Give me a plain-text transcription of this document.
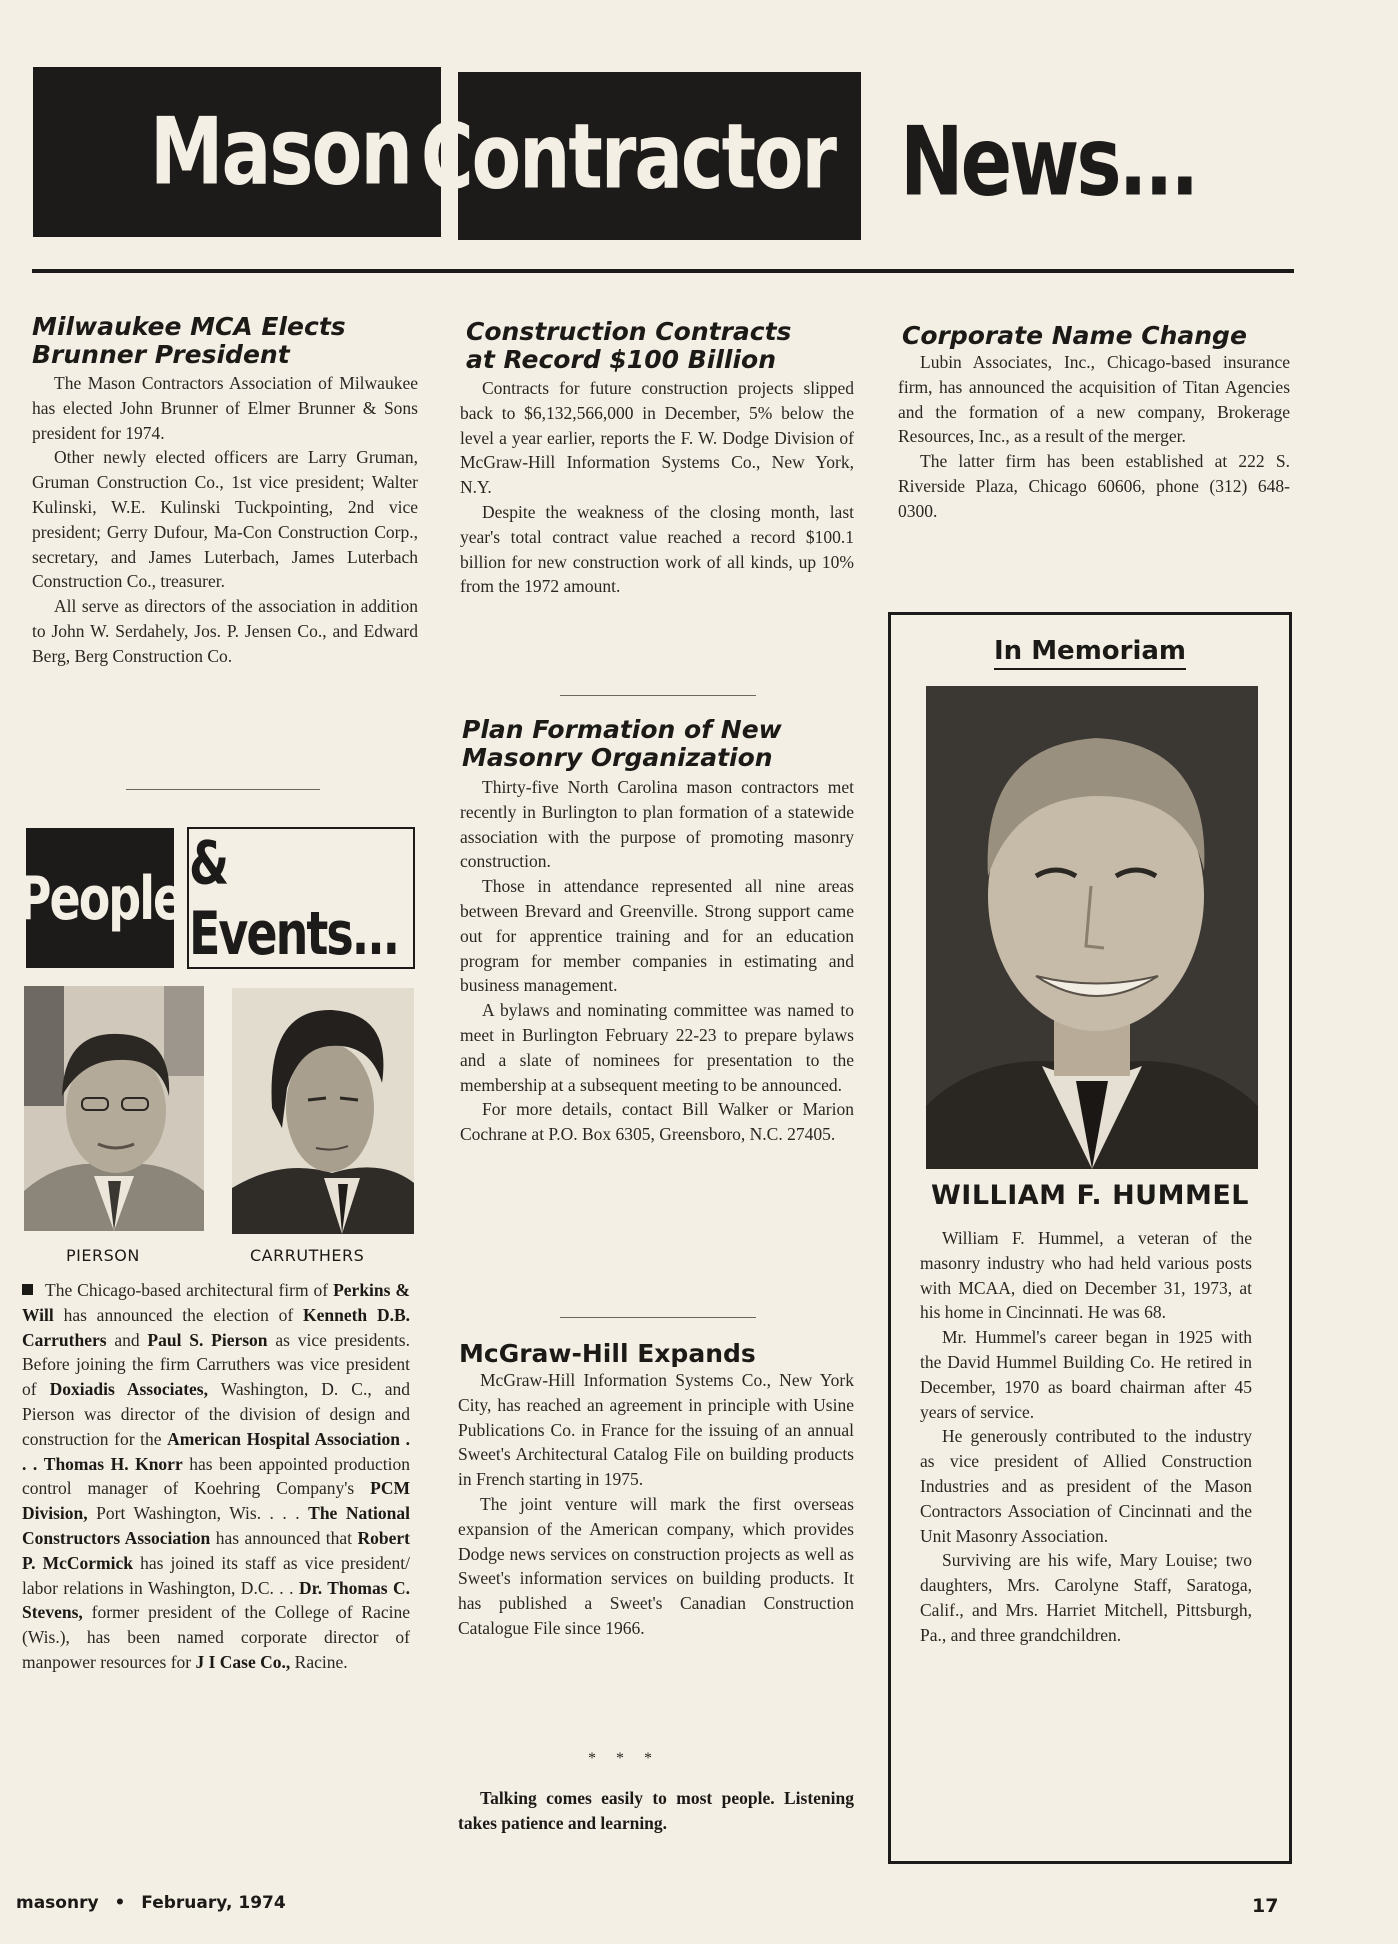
Mason Contractor News...
Milwaukee MCA Elects
Brunner President

The Mason Contractors Association of Milwaukee has elected John Brunner of Elmer Brunner & Sons president for 1974.

Other newly elected officers are Larry Gruman, Gruman Construction Co., 1st vice president; Walter Kulinski, W.E. Kulinski Tuckpointing, 2nd vice president; Gerry Dufour, Ma-Con Construction Corp., secretary, and James Luterbach, James Luterbach Construction Co., treasurer.

All serve as directors of the association in addition to John W. Serdahely, Jos. P. Jensen Co., and Edward Berg, Berg Construction Co.

People & Events...
PIERSON	CARRUTHERS

The Chicago-based architectural firm of Perkins & Will has announced the election of Kenneth D.B. Carruthers and Paul S. Pierson as vice presidents. Before joining the firm Carruthers was vice president of Doxiadis Associates, Washington, D. C., and Pierson was director of the division of design and construction for the American Hospital Association . . . Thomas H. Knorr has been appointed production control manager of Koehring Company's PCM Division, Port Washington, Wis. . . . The National Constructors Association has announced that Robert P. McCormick has joined its staff as vice president/ labor relations in Washington, D.C. . . Dr. Thomas C. Stevens, former president of the College of Racine (Wis.), has been named corporate director of manpower resources for J I Case Co., Racine.

Construction Contracts
at Record $100 Billion

Contracts for future construction projects slipped back to $6,132,566,000 in December, 5% below the level a year earlier, reports the F. W. Dodge Division of McGraw-Hill Information Systems Co., New York, N.Y.

Despite the weakness of the closing month, last year's total contract value reached a record $100.1 billion for new construction work of all kinds, up 10% from the 1972 amount.

Plan Formation of New
Masonry Organization

Thirty-five North Carolina mason contractors met recently in Burlington to plan formation of a statewide association with the purpose of promoting masonry construction.

Those in attendance represented all nine areas between Brevard and Greenville. Strong support came out for apprentice training and for an education program for member companies in estimating and business management.

A bylaws and nominating committee was named to meet in Burlington February 22-23 to prepare bylaws and a slate of nominees for presentation to the membership at a subsequent meeting to be announced.

For more details, contact Bill Walker or Marion Cochrane at P.O. Box 6305, Greensboro, N.C. 27405.

McGraw-Hill Expands

McGraw-Hill Information Systems Co., New York City, has reached an agreement in principle with Usine Publications Co. in France for the issuing of an annual Sweet's Architectural Catalog File on building products in French starting in 1975.

The joint venture will mark the first overseas expansion of the American company, which provides Dodge news services on construction projects as well as Sweet's information services on building products. It has published a Sweet's Canadian Construction Catalogue File since 1966.

* * *

Talking comes easily to most people. Listening takes patience and learning.

Corporate Name Change

Lubin Associates, Inc., Chicago-based insurance firm, has announced the acquisition of Titan Agencies and the formation of a new company, Brokerage Resources, Inc., as a result of the merger.

The latter firm has been established at 222 S. Riverside Plaza, Chicago 60606, phone (312) 648-0300.

In Memoriam
WILLIAM F. HUMMEL

William F. Hummel, a veteran of the masonry industry who had held various posts with MCAA, died on December 31, 1973, at his home in Cincinnati. He was 68.

Mr. Hummel's career began in 1925 with the David Hummel Building Co. He retired in December, 1970 as board chairman after 45 years of service.

He generously contributed to the industry as vice president of Allied Construction Industries and as president of the Mason Contractors Association of Cincinnati and the Unit Masonry Association.

Surviving are his wife, Mary Louise; two daughters, Mrs. Carolyne Staff, Saratoga, Calif., and Mrs. Harriet Mitchell, Pittsburgh, Pa., and three grandchildren.

masonry • February, 1974	17
